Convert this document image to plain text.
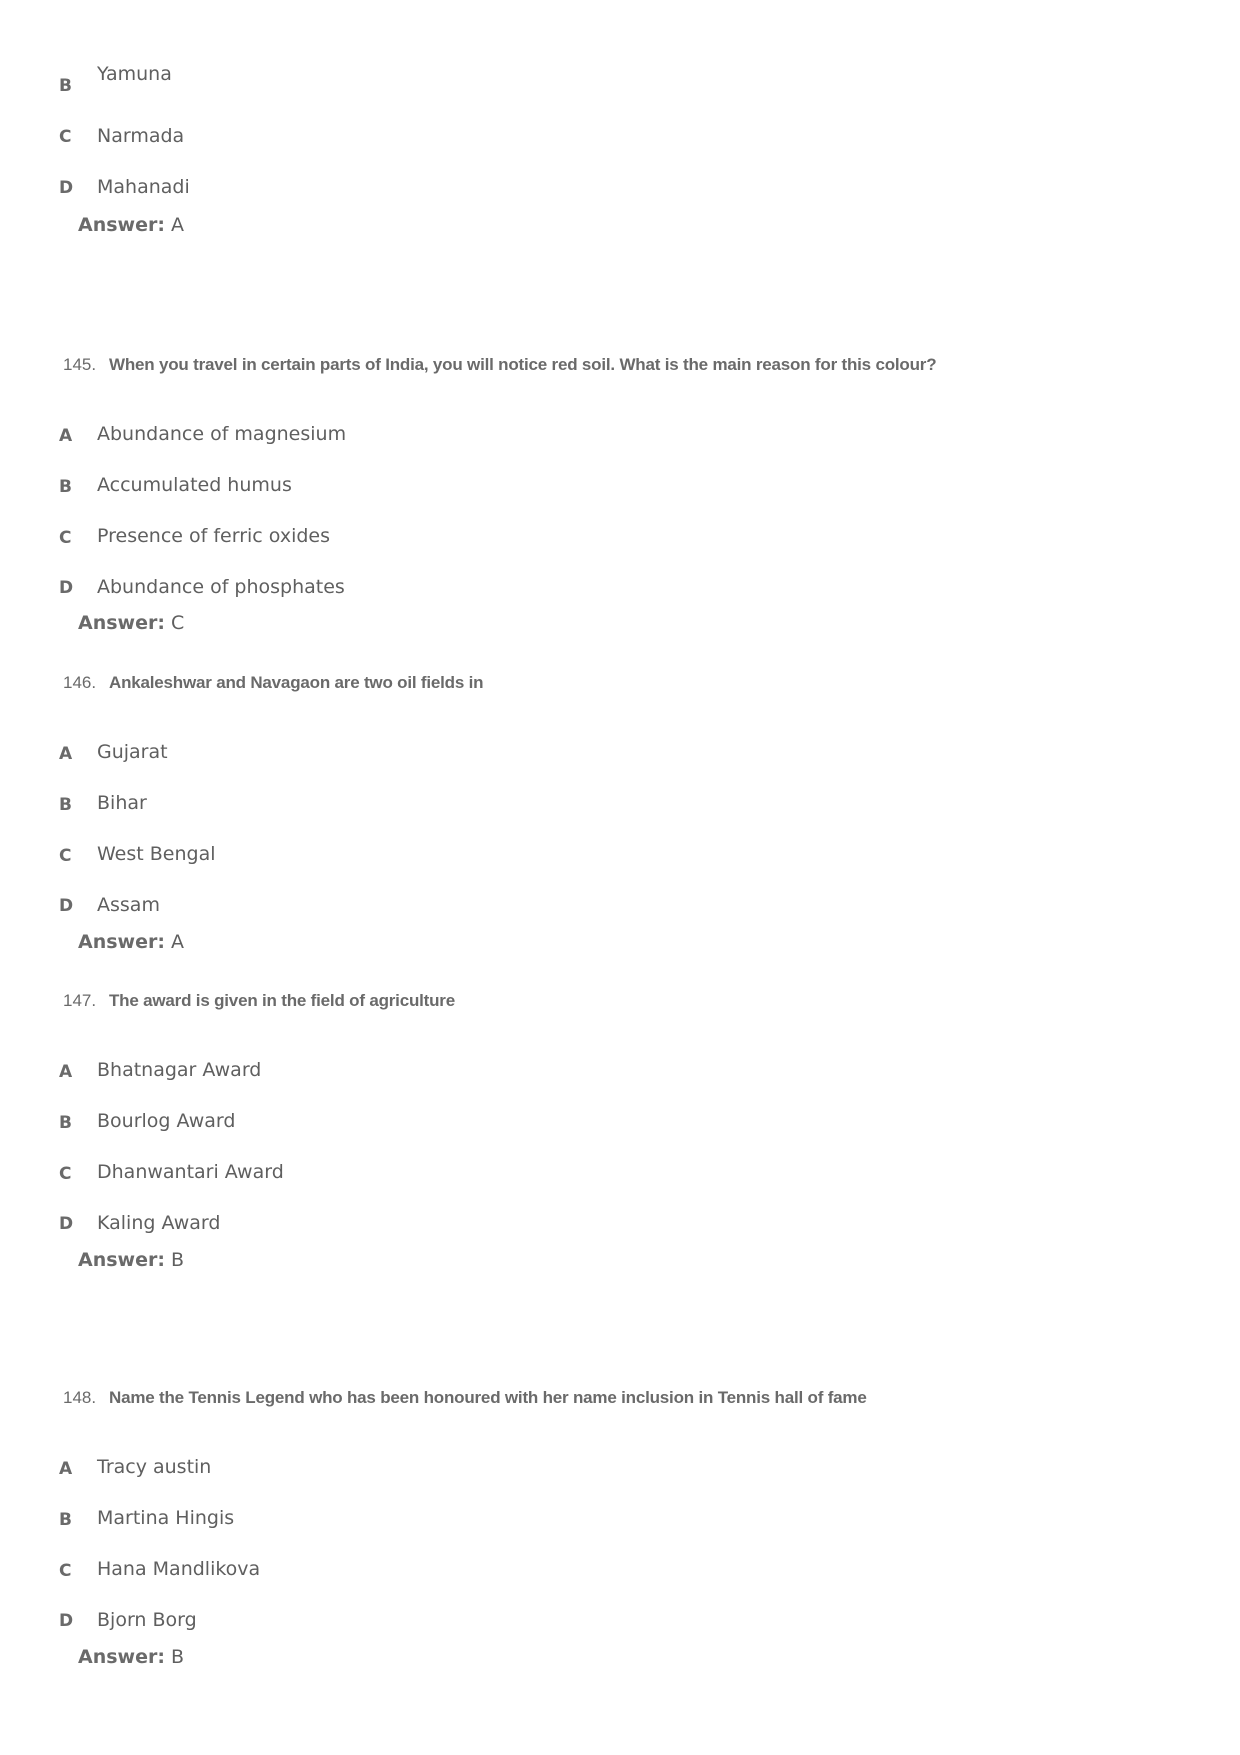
B
Yamuna
C Narmada
D Mahanadi
Answer: A
145. When you travel in certain parts of India, you will notice red soil. What is the main reason for this colour?
A Abundance of magnesium
B Accumulated humus
C Presence of ferric oxides
D Abundance of phosphates
Answer: C
146. Ankaleshwar and Navagaon are two oil fields in
A Gujarat
B Bihar
C West Bengal
D Assam
Answer: A
147. The award is given in the field of agriculture
A Bhatnagar Award
B Bourlog Award
C Dhanwantari Award
D Kaling Award
Answer: B
148. Name the Tennis Legend who has been honoured with her name inclusion in Tennis hall of fame
A Tracy austin
B Martina Hingis
C Hana Mandlikova
D Bjorn Borg
Answer: B
